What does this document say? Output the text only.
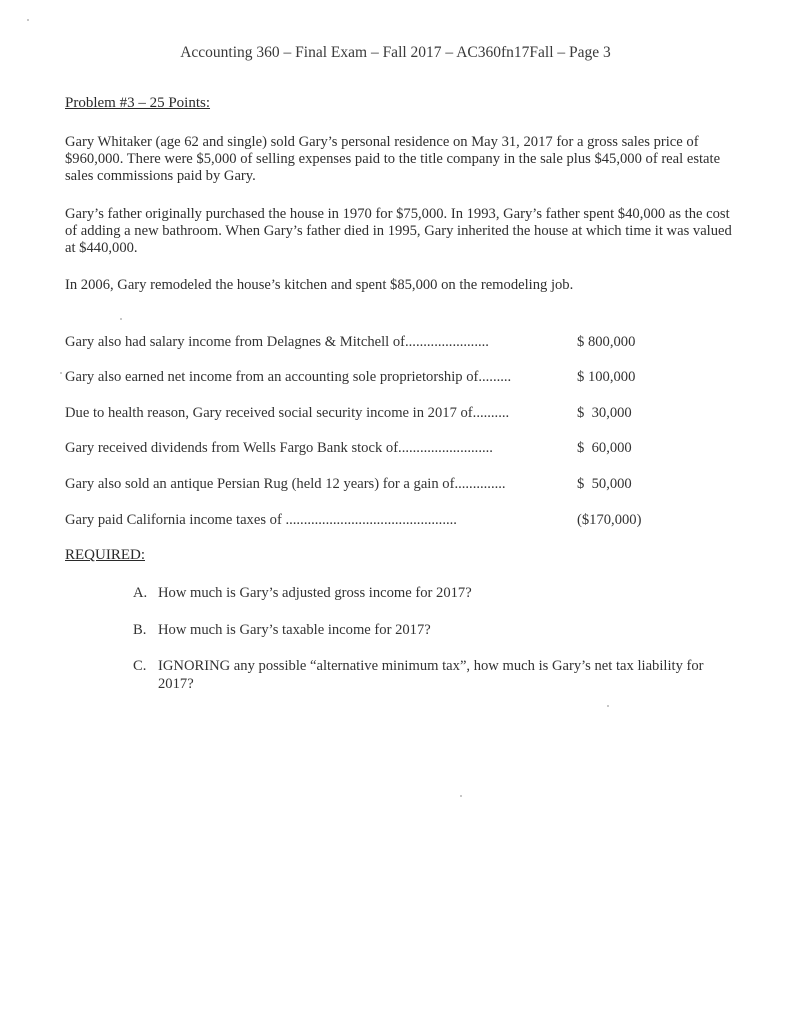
Accounting 360 – Final Exam – Fall 2017 – AC360fn17Fall – Page 3
Problem #3 – 25 Points:
Gary Whitaker (age 62 and single) sold Gary’s personal residence on May 31, 2017 for a gross sales price of $960,000. There were $5,000 of selling expenses paid to the title company in the sale plus $45,000 of real estate sales commissions paid by Gary.
Gary’s father originally purchased the house in 1970 for $75,000. In 1993, Gary’s father spent $40,000 as the cost of adding a new bathroom. When Gary’s father died in 1995, Gary inherited the house at which time it was valued at $440,000.
In 2006, Gary remodeled the house’s kitchen and spent $85,000 on the remodeling job.
Gary also had salary income from Delagnes & Mitchell of.......................	$ 800,000
Gary also earned net income from an accounting sole proprietorship of.........	$ 100,000
Due to health reason, Gary received social security income in 2017 of..........	$  30,000
Gary received dividends from Wells Fargo Bank stock of..........................	$  60,000
Gary also sold an antique Persian Rug (held 12 years) for a gain of..............	$  50,000
Gary paid California income taxes of ...............................................	($170,000)
REQUIRED:
A. How much is Gary’s adjusted gross income for 2017?
B. How much is Gary’s taxable income for 2017?
C. IGNORING any possible “alternative minimum tax”, how much is Gary’s net tax liability for 2017?
